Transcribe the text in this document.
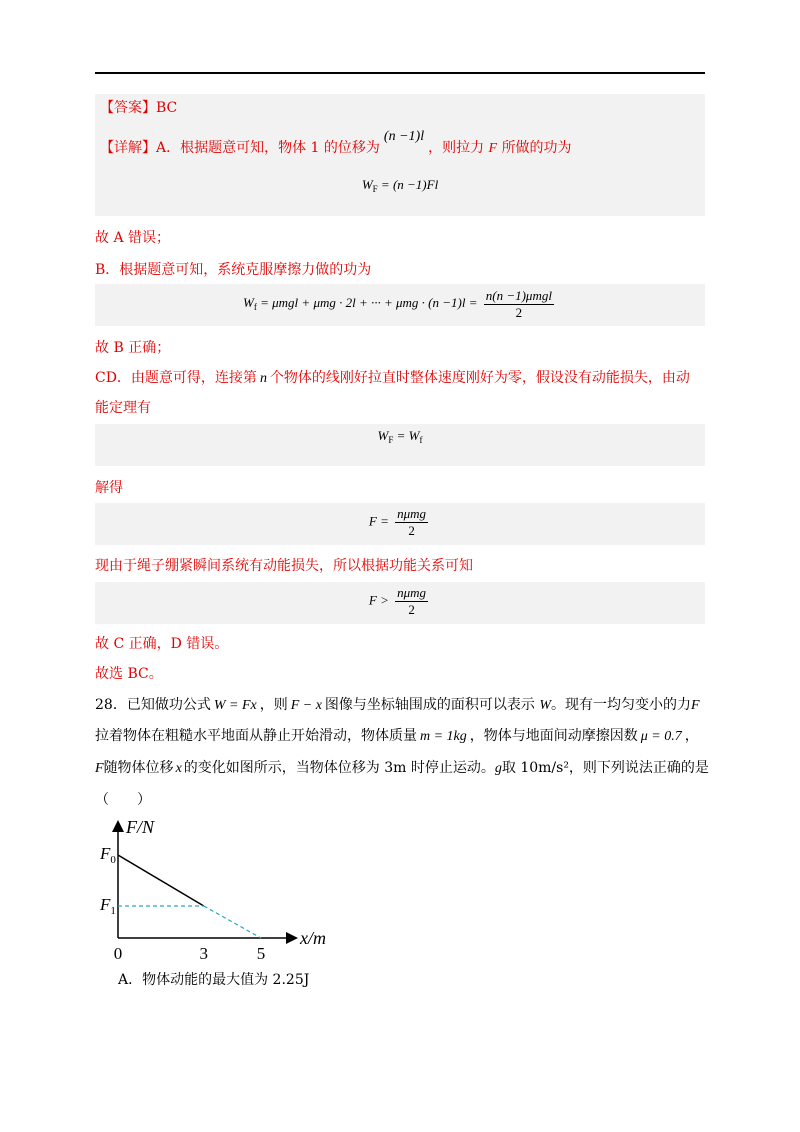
【答案】BC
【详解】A．根据题意可知，物体 1 的位移为(n −1)l，则拉力 F 所做的功为
$W_F = (n -1)Fl$
故 A 错误；
B．根据题意可知，系统克服摩擦力做的功为
$W_f = \mu mgl + \mu mg \cdot 2l$ + ··· + $\mu mg \cdot (n -1)l = \frac{\text{n(n −1)μmgl}}{2}$
故 B 正确；
CD．由题意可得，连接第 n 个物体的线刚好拉直时整体速度刚好为零，假设没有动能损失，由动
能定理有
$W_F = W_f$
解得
$F = \frac{\text{nμmg}}{2}$
现由于绳子绷紧瞬间系统有动能损失，所以根据功能关系可知
$F > \frac{\text{nμmg}}{2}$
故 C 正确，D 错误。
故选 BC。
28．已知做功公式 W = Fx ，则 F − x 图像与坐标轴围成的面积可以表示 W。现有一均匀变小的力F
拉着物体在粗糙水平地面从静止开始滑动，物体质量 m = 1kg ，物体与地面间动摩擦因数 μ = 0.7 ，
F随物体位移 x 的变化如图所示，当物体位移为 3m 时停止运动。g取 10m/s²，则下列说法正确的是
（　　）
F/N
x/m
$F_0$
$F_1$
0	3	5
A．物体动能的最大值为 2.25J
